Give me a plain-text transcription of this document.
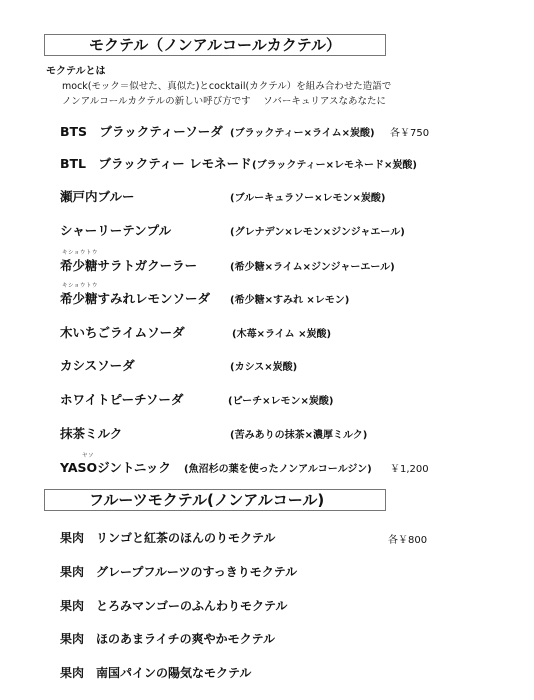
モクテル（ノンアルコールカクテル）
モクテルとは
mock(モック＝似せた、真似た)とcocktail(カクテル）を組み合わせた造語で
ノンアルコールカクテルの新しい呼び方です　 ソバーキュリアスなあなたに
BTS　ブラックティーソーダ (ブラックティー×ライム×炭酸) 各￥750
BTL　ブラックティー レモネード (ブラックティー×レモネード×炭酸)
瀬戸内ブルー	(ブルーキュラソー×レモン×炭酸)
シャーリーテンプル	(グレナデン×レモン×ジンジャエール)
キショウトウ
希少糖サラトガクーラー	(希少糖×ライム×ジンジャーエール)
キショウトウ
希少糖すみれレモンソーダ (希少糖×すみれ ×レモン)
木いちごライムソーダ	(木苺×ライム ×炭酸)
カシスソーダ	(カシス×炭酸)
ホワイトピーチソーダ	(ピーチ×レモン×炭酸)
抹茶ミルク	(苦みありの抹茶×濃厚ミルク)
ヤソ
YASOジントニック (魚沼杉の葉を使ったノンアルコールジン) ￥1,200
フルーツモクテル(ノンアルコール)
果肉 リンゴと紅茶のほんのりモクテル	各￥800
果肉 グレープフルーツのすっきりモクテル
果肉 とろみマンゴーのふんわりモクテル
果肉 ほのあまライチの爽やかモクテル
果肉 南国パインの陽気なモクテル
